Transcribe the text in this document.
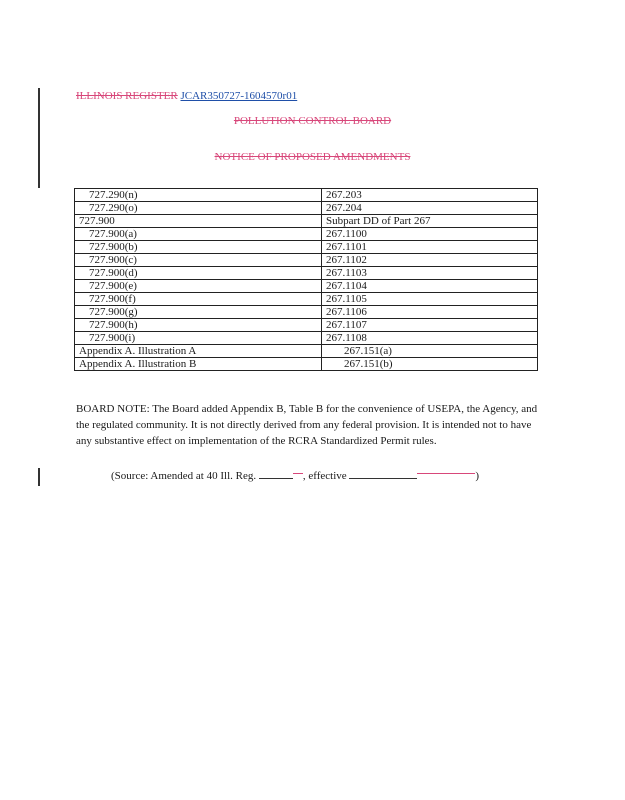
ILLINOIS REGISTER JCAR350727-1604570r01
POLLUTION CONTROL BOARD
NOTICE OF PROPOSED AMENDMENTS
727.290(n)	267.203
727.290(o)	267.204
727.900	Subpart DD of Part 267
727.900(a)	267.1100
727.900(b)	267.1101
727.900(c)	267.1102
727.900(d)	267.1103
727.900(e)	267.1104
727.900(f)	267.1105
727.900(g)	267.1106
727.900(h)	267.1107
727.900(i)	267.1108
Appendix A. Illustration A	267.151(a)
Appendix A. Illustration B	267.151(b)
BOARD NOTE: The Board added Appendix B, Table B for the convenience of USEPA, the Agency, and the regulated community. It is not directly derived from any federal provision. It is intended not to have any substantive effect on implementation of the RCRA Standardized Permit rules.
(Source: Amended at 40 Ill. Reg.	, effective	)
